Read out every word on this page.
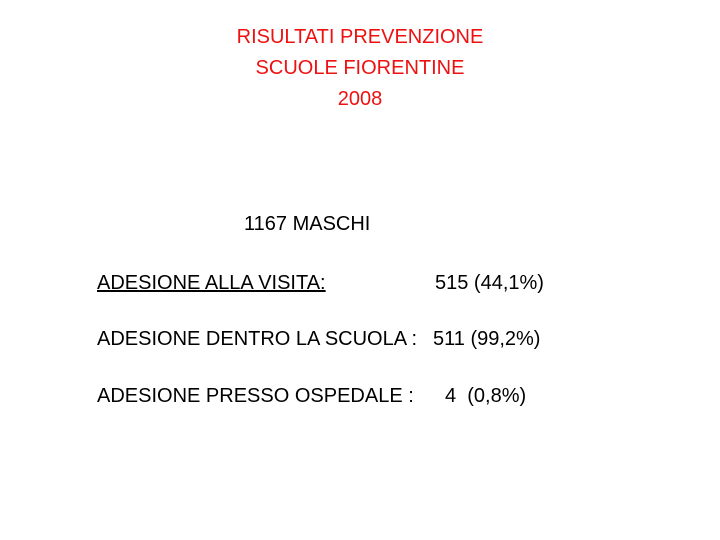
RISULTATI PREVENZIONE
SCUOLE FIORENTINE
2008
1167 MASCHI
ADESIONE ALLA VISITA:	515 (44,1%)
ADESIONE DENTRO LA SCUOLA : 511 (99,2%)
ADESIONE PRESSO OSPEDALE : 4  (0,8%)
